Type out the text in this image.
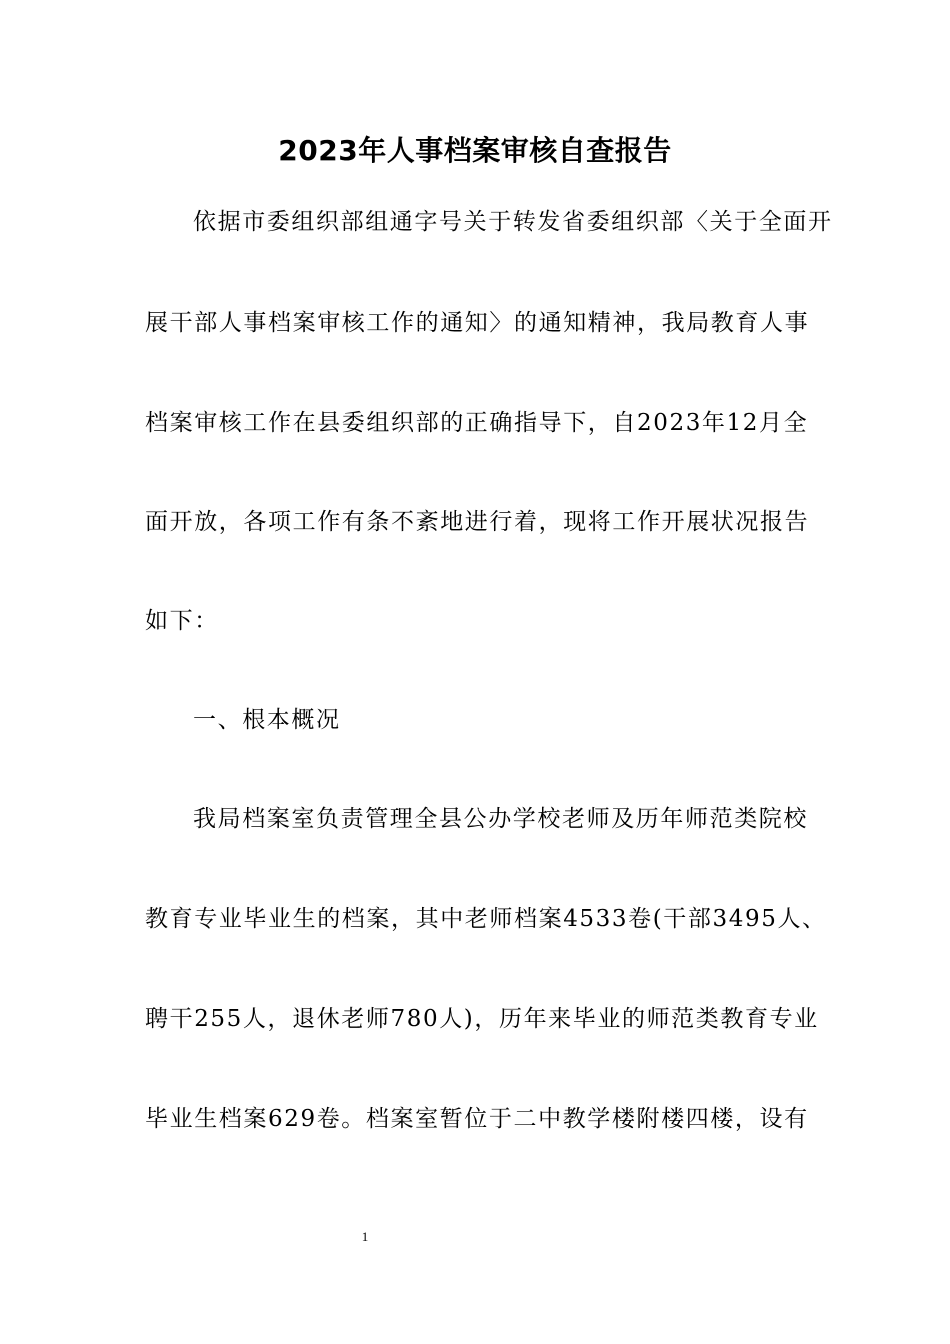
2023年人事档案审核自查报告
依据市委组织部组通字号关于转发省委组织部〈关于全面开
展干部人事档案审核工作的通知〉的通知精神，我局教育人事
档案审核工作在县委组织部的正确指导下，自2023年12月全
面开放，各项工作有条不紊地进行着，现将工作开展状况报告
如下：
一、根本概况
我局档案室负责管理全县公办学校老师及历年师范类院校
教育专业毕业生的档案，其中老师档案4533卷(干部3495人、
聘干255人，退休老师780人)，历年来毕业的师范类教育专业
毕业生档案629卷。档案室暂位于二中教学楼附楼四楼，设有
1
